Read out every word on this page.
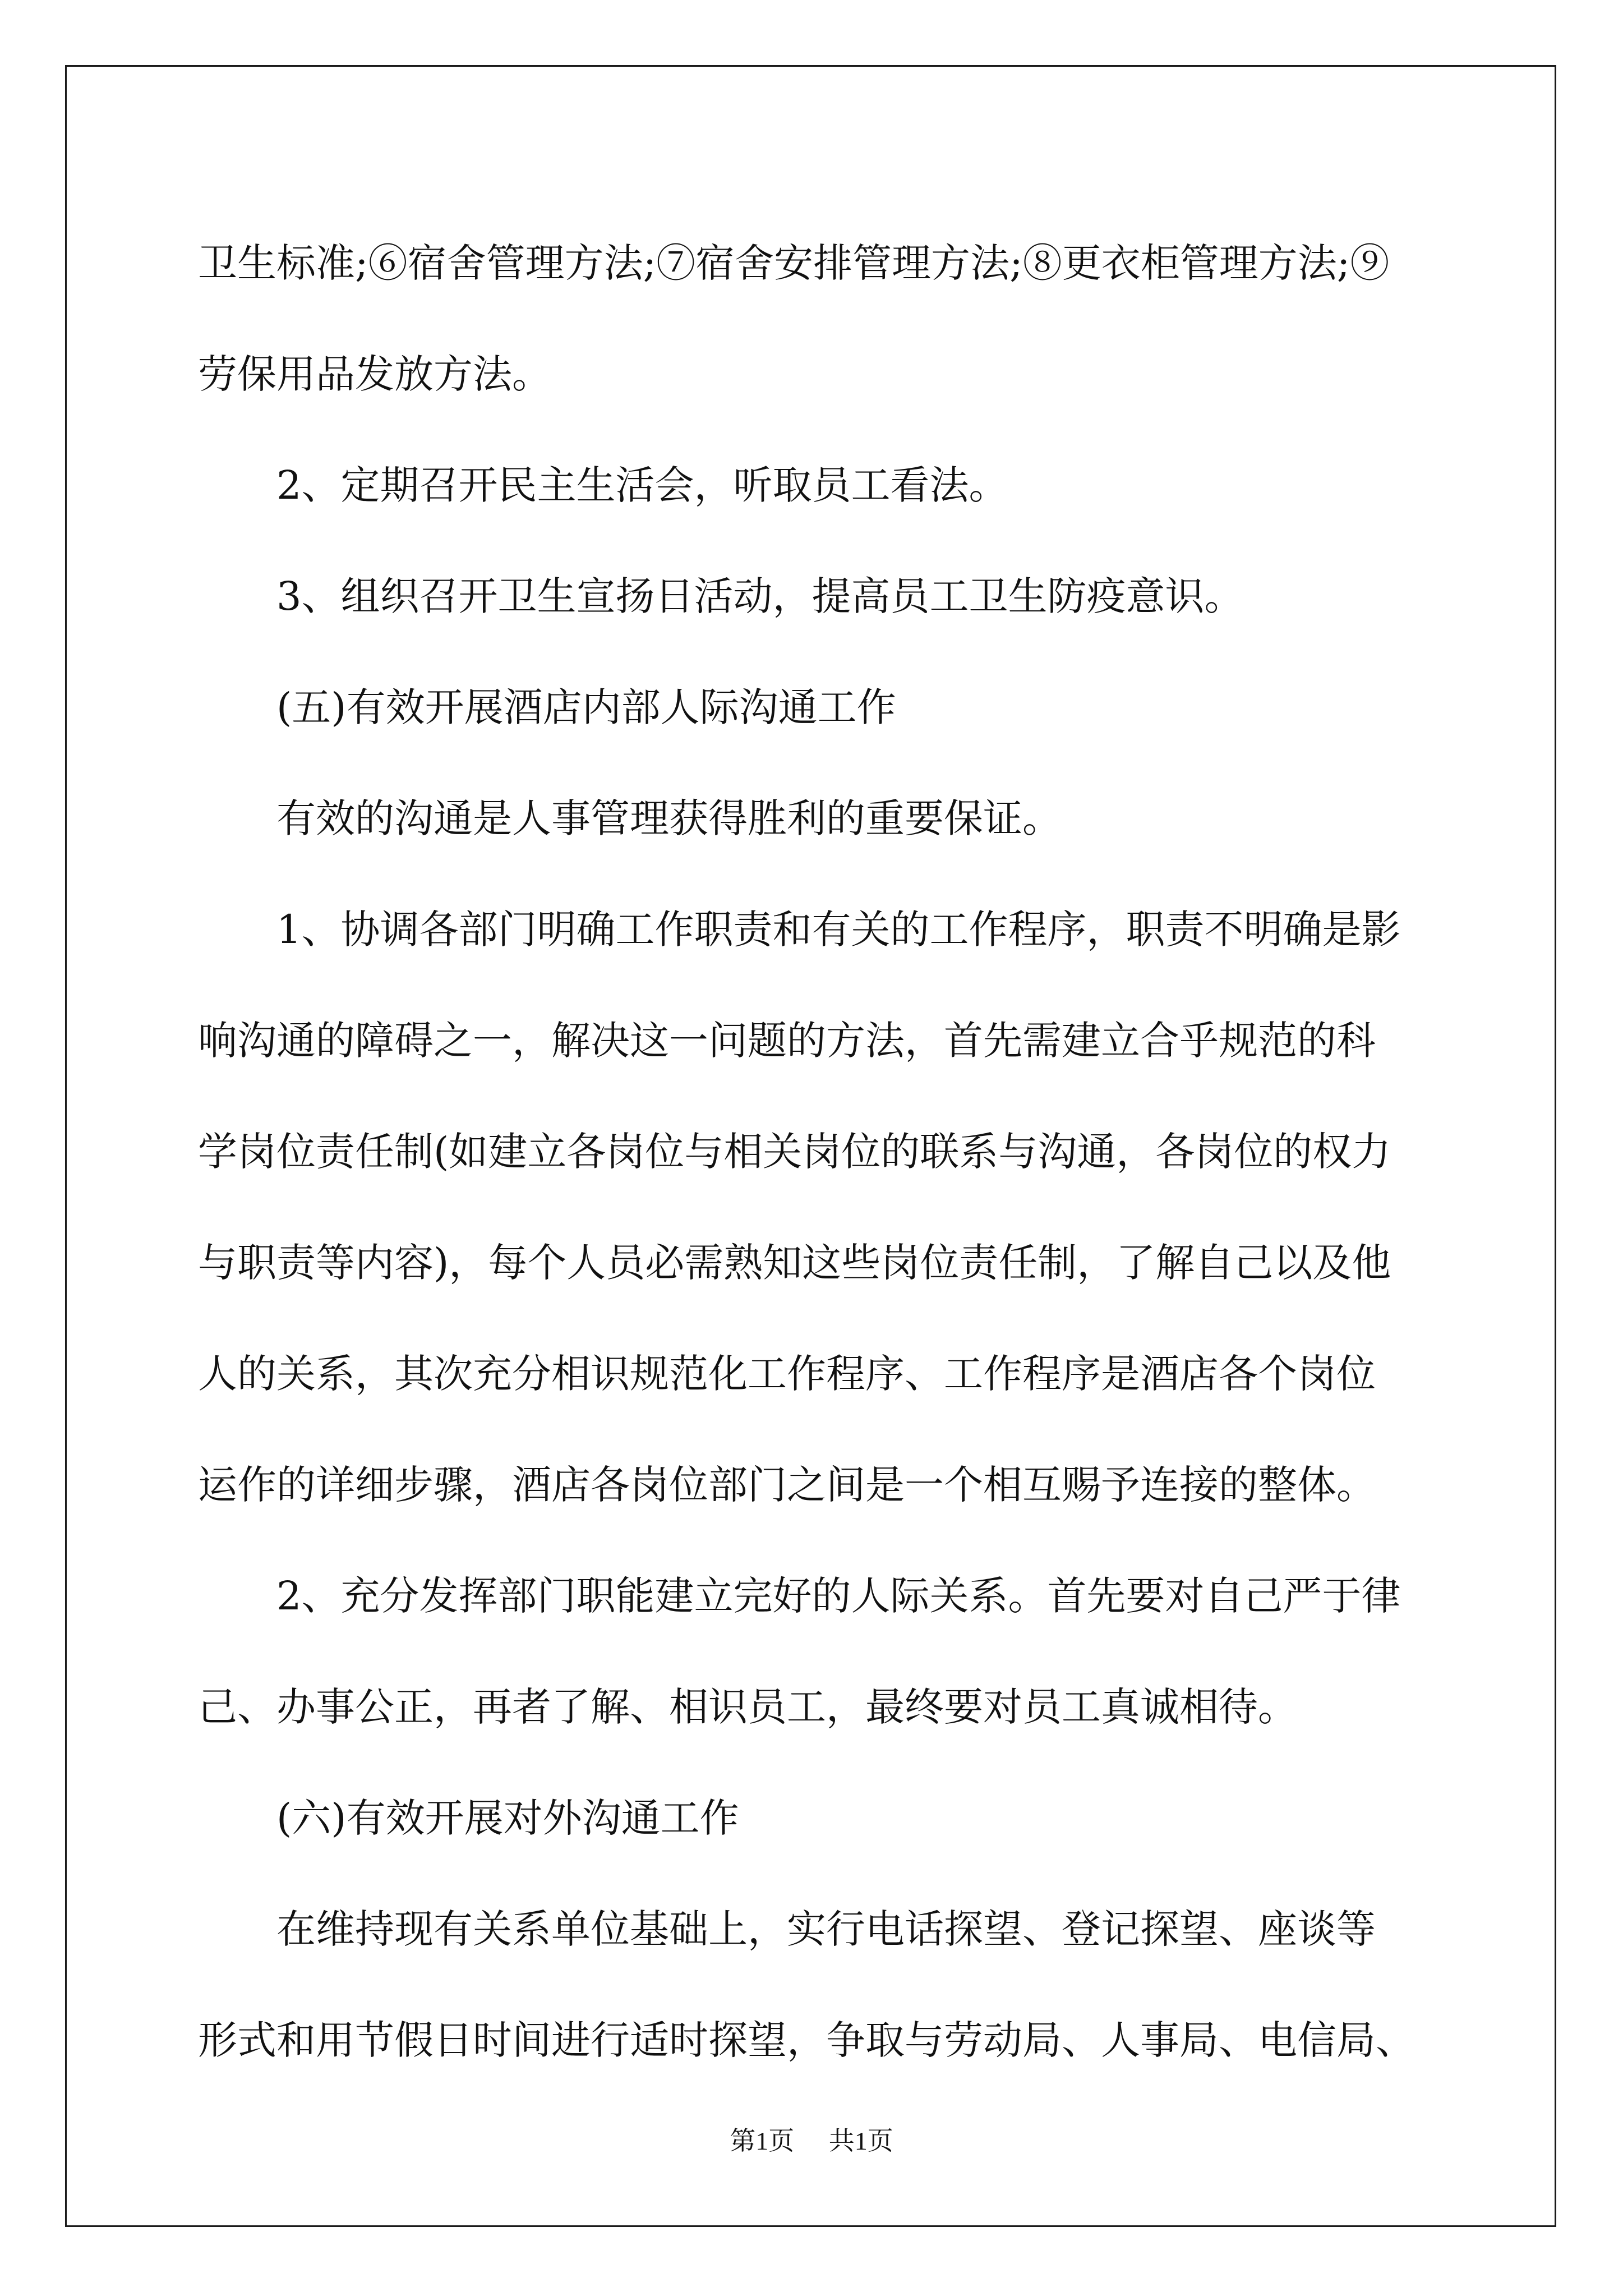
卫生标准;⑥宿舍管理方法;⑦宿舍安排管理方法;⑧更衣柜管理方法;⑨
劳保用品发放方法。
2、定期召开民主生活会，听取员工看法。
3、组织召开卫生宣扬日活动，提高员工卫生防疫意识。
(五)有效开展酒店内部人际沟通工作
有效的沟通是人事管理获得胜利的重要保证。
1、协调各部门明确工作职责和有关的工作程序，职责不明确是影
响沟通的障碍之一，解决这一问题的方法，首先需建立合乎规范的科
学岗位责任制(如建立各岗位与相关岗位的联系与沟通，各岗位的权力
与职责等内容)，每个人员必需熟知这些岗位责任制，了解自己以及他
人的关系，其次充分相识规范化工作程序、工作程序是酒店各个岗位
运作的详细步骤，酒店各岗位部门之间是一个相互赐予连接的整体。
2、充分发挥部门职能建立完好的人际关系。首先要对自己严于律
己、办事公正，再者了解、相识员工，最终要对员工真诚相待。
(六)有效开展对外沟通工作
在维持现有关系单位基础上，实行电话探望、登记探望、座谈等
形式和用节假日时间进行适时探望，争取与劳动局、人事局、电信局、
第1页 共1页
